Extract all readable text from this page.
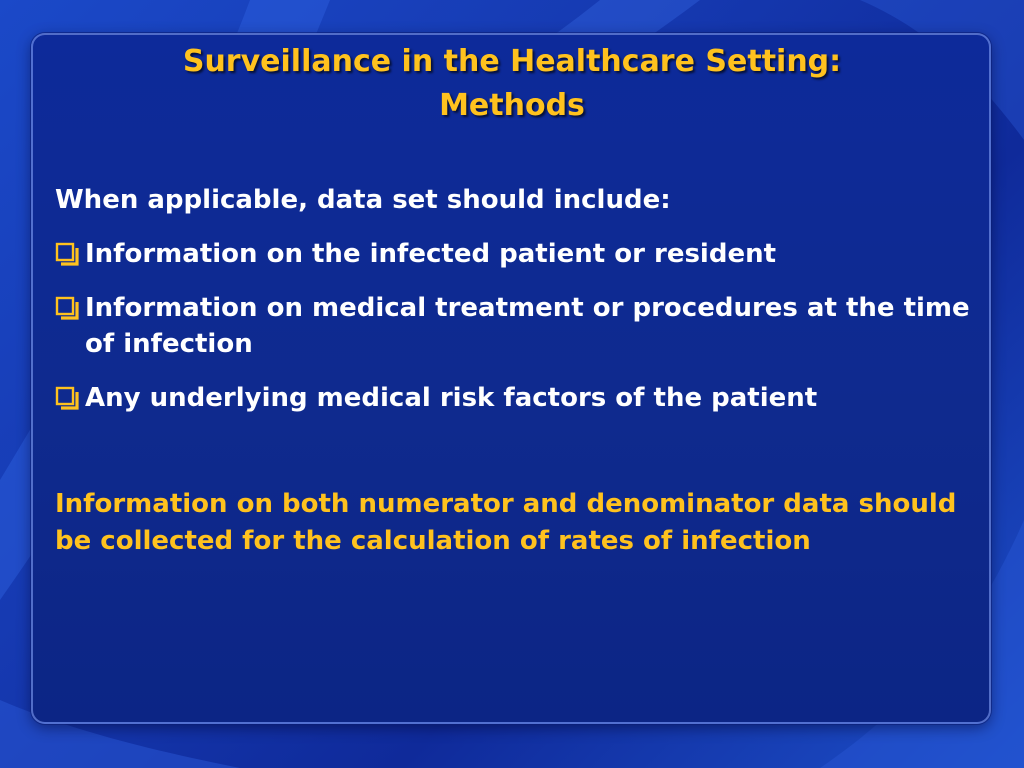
Surveillance in the Healthcare Setting:
Methods
When applicable, data set should include:
Information on the infected patient or resident
Information on medical treatment or procedures at the time of infection
Any underlying medical risk factors of the patient
Information on both numerator and denominator data should be collected for the calculation of rates of infection
